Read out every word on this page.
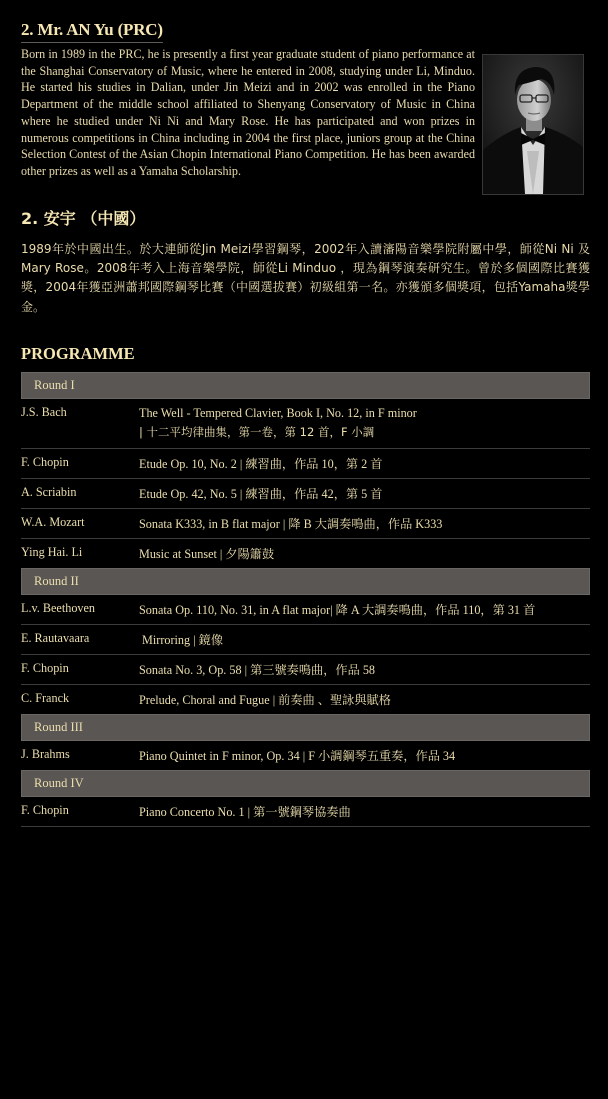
2. Mr. AN Yu (PRC)

Born in 1989 in the PRC, he is presently a first year graduate student of piano performance at the Shanghai Conservatory of Music, where he entered in 2008, studying under Li, Minduo. He started his studies in Dalian, under Jin Meizi and in 2002 was enrolled in the Piano Department of the middle school affiliated to Shenyang Conservatory of Music in China where he studied under Ni Ni and Mary Rose. He has participated and won prizes in numerous competitions in China including in 2004 the first place, juniors group at the China Selection Contest of the Asian Chopin International Piano Competition. He has been awarded other prizes as well as a Yamaha Scholarship.

2. 安宇 （中國）

1989年於中國出生。於大連師從Jin Meizi學習鋼琴，2002年入讀瀋陽音樂學院附屬中學，師從Ni Ni 及Mary Rose。2008年考入上海音樂學院，師從Li Minduo ，現為鋼琴演奏研究生。曾於多個國際比賽獲獎，2004年獲亞洲蕭邦國際鋼琴比賽（中國選拔賽）初級組第一名。亦獲頒多個獎項，包括Yamaha獎學金。

PROGRAMME
Round I
J.S. Bach	The Well - Tempered Clavier, Book I, No. 12, in F minor
| 十二平均律曲集，第一卷，第 12 首，F 小調
F. Chopin	Etude Op. 10, No. 2 | 練習曲，作品 10，第 2 首
A. Scriabin	Etude Op. 42, No. 5 | 練習曲，作品 42，第 5 首
W.A. Mozart	Sonata K333, in B flat major | 降 B 大調奏鳴曲，作品 K333
Ying Hai. Li	Music at Sunset | 夕陽簫鼓
Round II
L.v. Beethoven	Sonata Op. 110, No. 31, in A flat major| 降 A 大調奏鳴曲，作品 110，第 31 首
E. Rautavaara	Mirroring | 鏡像
F. Chopin	Sonata No. 3, Op. 58 | 第三號奏鳴曲，作品 58
C. Franck	Prelude, Choral and Fugue | 前奏曲 、聖詠與賦格
Round III
J. Brahms	Piano Quintet in F minor, Op. 34 | F 小調鋼琴五重奏，作品 34
Round IV
F. Chopin	Piano Concerto No. 1 | 第一號鋼琴協奏曲
